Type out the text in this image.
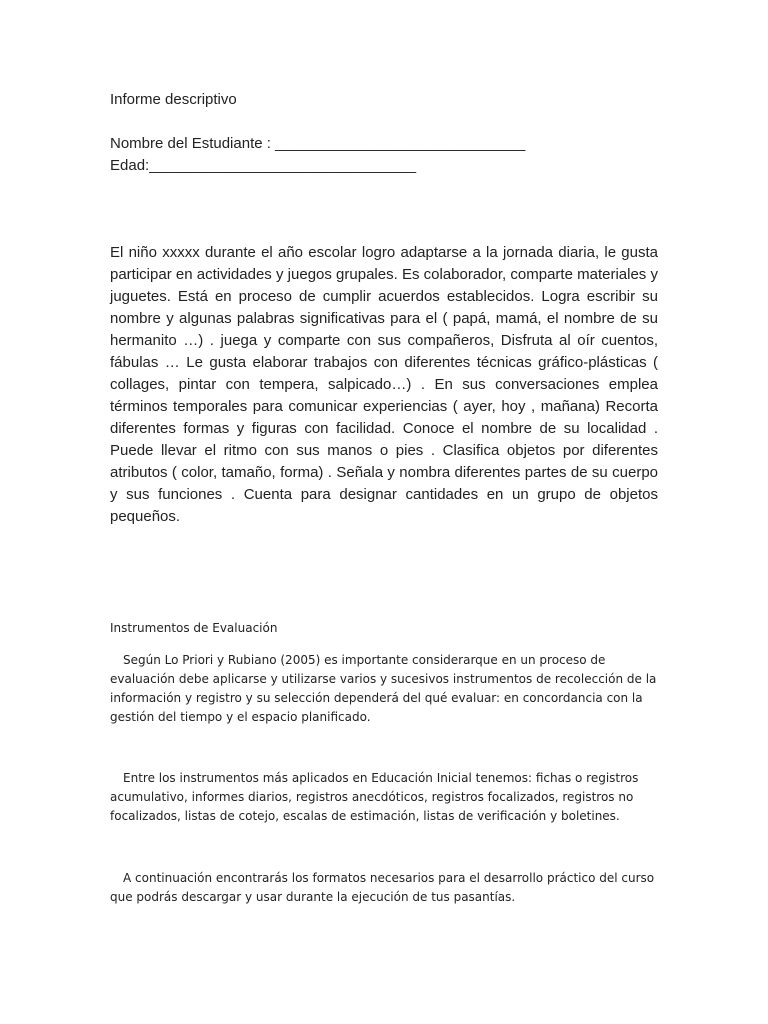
Informe descriptivo
Nombre del Estudiante : ______________________________
Edad:________________________________
El niño xxxxx durante el año escolar logro adaptarse a la jornada diaria, le gusta participar en actividades y juegos grupales. Es colaborador, comparte materiales y juguetes. Está en proceso de cumplir acuerdos establecidos. Logra escribir su nombre y algunas palabras significativas para el ( papá, mamá, el nombre de su hermanito …) . juega y comparte con sus compañeros, Disfruta al oír cuentos, fábulas … Le gusta elaborar trabajos con diferentes técnicas gráfico-plásticas ( collages, pintar con tempera, salpicado…) . En sus conversaciones emplea términos temporales para comunicar experiencias ( ayer, hoy , mañana) Recorta diferentes formas y figuras con facilidad. Conoce el nombre de su localidad . Puede llevar el ritmo con sus manos o pies . Clasifica objetos por diferentes atributos ( color, tamaño, forma) . Señala y nombra diferentes partes de su cuerpo y sus funciones . Cuenta para designar cantidades en un grupo de objetos pequeños.
Instrumentos de Evaluación
Según Lo Priori y Rubiano (2005) es importante considerarque en un proceso de evaluación debe aplicarse y utilizarse varios y sucesivos instrumentos de recolección de la información y registro y su selección dependerá del qué evaluar: en concordancia con la gestión del tiempo y el espacio planificado.
Entre los instrumentos más aplicados en Educación Inicial tenemos: fichas o registros acumulativo, informes diarios, registros anecdóticos, registros focalizados, registros no focalizados, listas de cotejo, escalas de estimación, listas de verificación y boletines.
A continuación encontrarás los formatos necesarios para el desarrollo práctico del curso que podrás descargar y usar durante la ejecución de tus pasantías.
